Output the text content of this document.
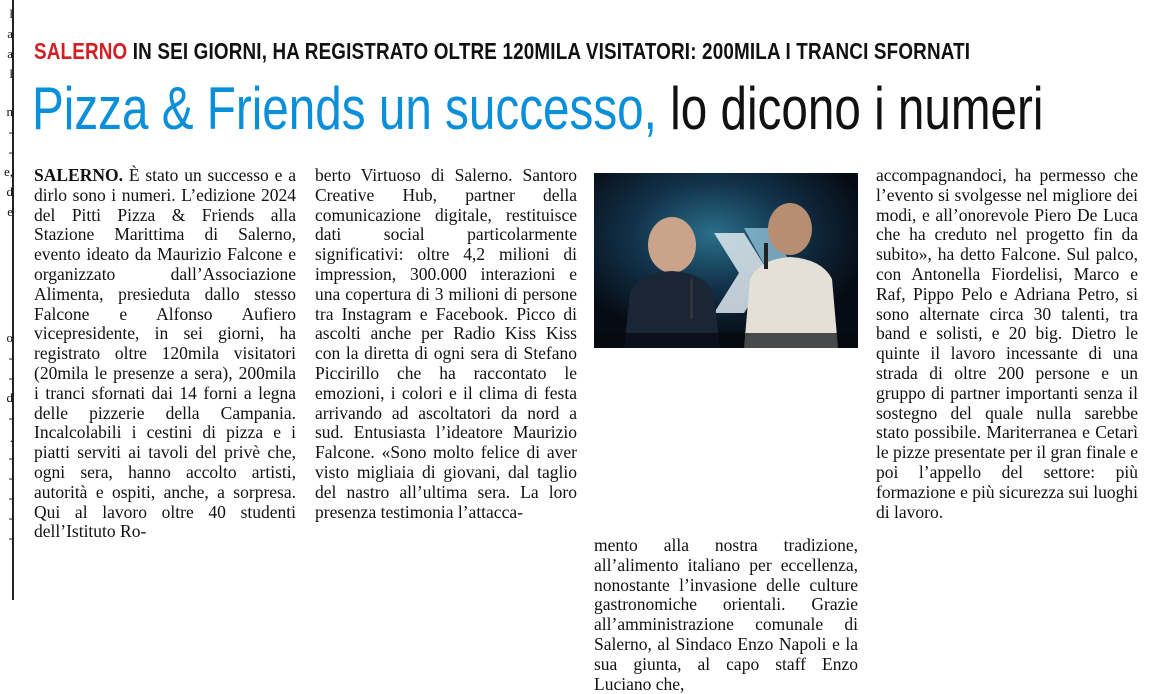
l
a
a
l
n
-
-
e,
d
e
o
-
-
d
-
.
-
-
-
-
-
SALERNO IN SEI GIORNI, HA REGISTRATO OLTRE 120MILA VISITATORI: 200MILA I TRANCI SFORNATI
Pizza & Friends un successo, lo dicono i numeri

SALERNO. È stato un successo e a dirlo sono i numeri. L’edizione 2024 del Pitti Pizza & Friends alla Stazione Marittima di Salerno, evento ideato da Maurizio Falcone e organizzato dall’Associazione Alimenta, presieduta dallo stesso Falcone e Alfonso Aufiero vicepresidente, in sei giorni, ha registrato oltre 120mila visitatori (20mila le presenze a sera), 200mila i tranci sfornati dai 14 forni a legna delle pizzerie della Campania. Incalcolabili i cestini di pizza e i piatti serviti ai tavoli del privè che, ogni sera, hanno accolto artisti, autorità e ospiti, anche, a sorpresa. Qui al lavoro oltre 40 studenti dell’Istituto Ro-

berto Virtuoso di Salerno. Santoro Creative Hub, partner della comunicazione digitale, restituisce dati social particolarmente significativi: oltre 4,2 milioni di impression, 300.000 interazioni e una copertura di 3 milioni di persone tra Instagram e Facebook. Picco di ascolti anche per Radio Kiss Kiss con la diretta di ogni sera di Stefano Piccirillo che ha raccontato le emozioni, i colori e il clima di festa arrivando ad ascoltatori da nord a sud. Entusiasta l’ideatore Maurizio Falcone. «Sono molto felice di aver visto migliaia di giovani, dal taglio del nastro all’ultima sera. La loro presenza testimonia l’attacca-

mento alla nostra tradizione, all’alimento italiano per eccellenza, nonostante l’invasione delle culture gastronomiche orientali. Grazie all’amministrazione comunale di Salerno, al Sindaco Enzo Napoli e la sua giunta, al capo staff Enzo Luciano che,

accompagnandoci, ha permesso che l’evento si svolgesse nel migliore dei modi, e all’onorevole Piero De Luca che ha creduto nel progetto fin da subito», ha detto Falcone. Sul palco, con Antonella Fiordelisi, Marco e Raf, Pippo Pelo e Adriana Petro, si sono alternate circa 30 talenti, tra band e solisti, e 20 big. Dietro le quinte il lavoro incessante di una strada di oltre 200 persone e un gruppo di partner importanti senza il sostegno del quale nulla sarebbe stato possibile. Mariterranea e Cetarì le pizze presentate per il gran finale e poi l’appello del settore: più formazione e più sicurezza sui luoghi di lavoro.
